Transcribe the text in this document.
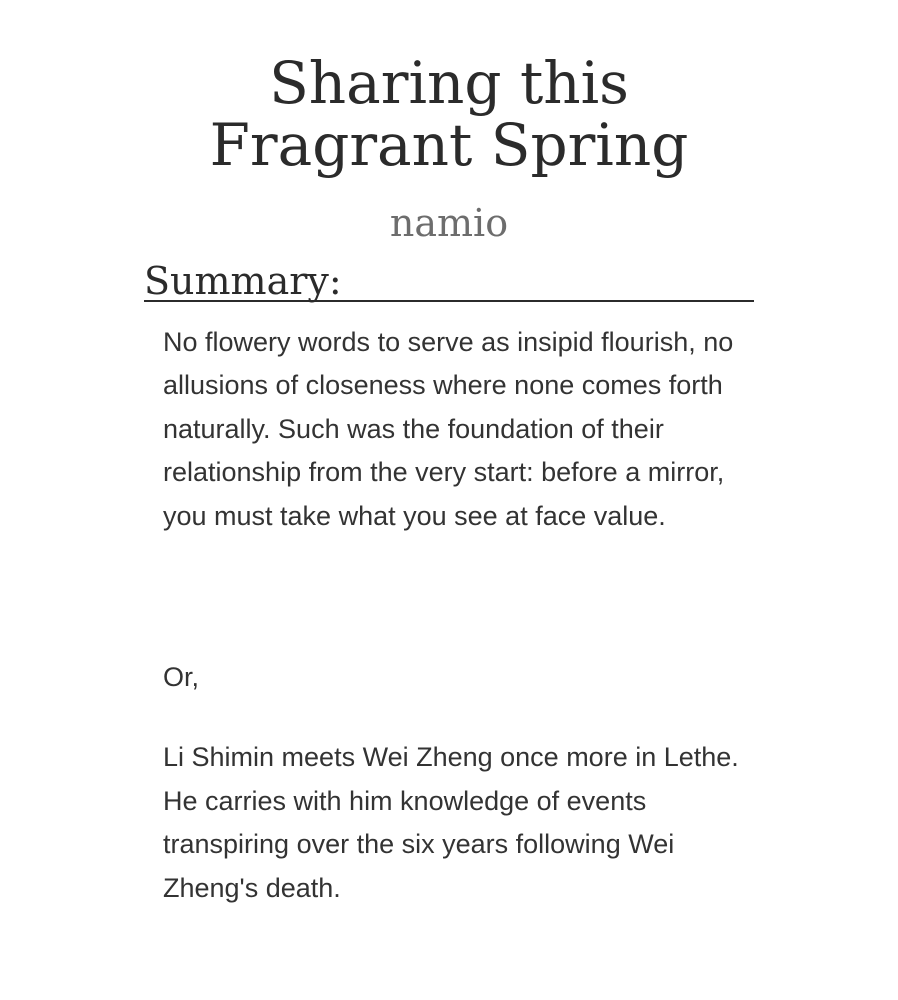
Sharing this
Fragrant Spring
namio
Summary:

No flowery words to serve as insipid flourish, no allusions of closeness where none comes forth naturally. Such was the foundation of their relationship from the very start: before a mirror, you must take what you see at face value.

Or,

Li Shimin meets Wei Zheng once more in Lethe. He carries with him knowledge of events transpiring over the six years following Wei Zheng's death.
